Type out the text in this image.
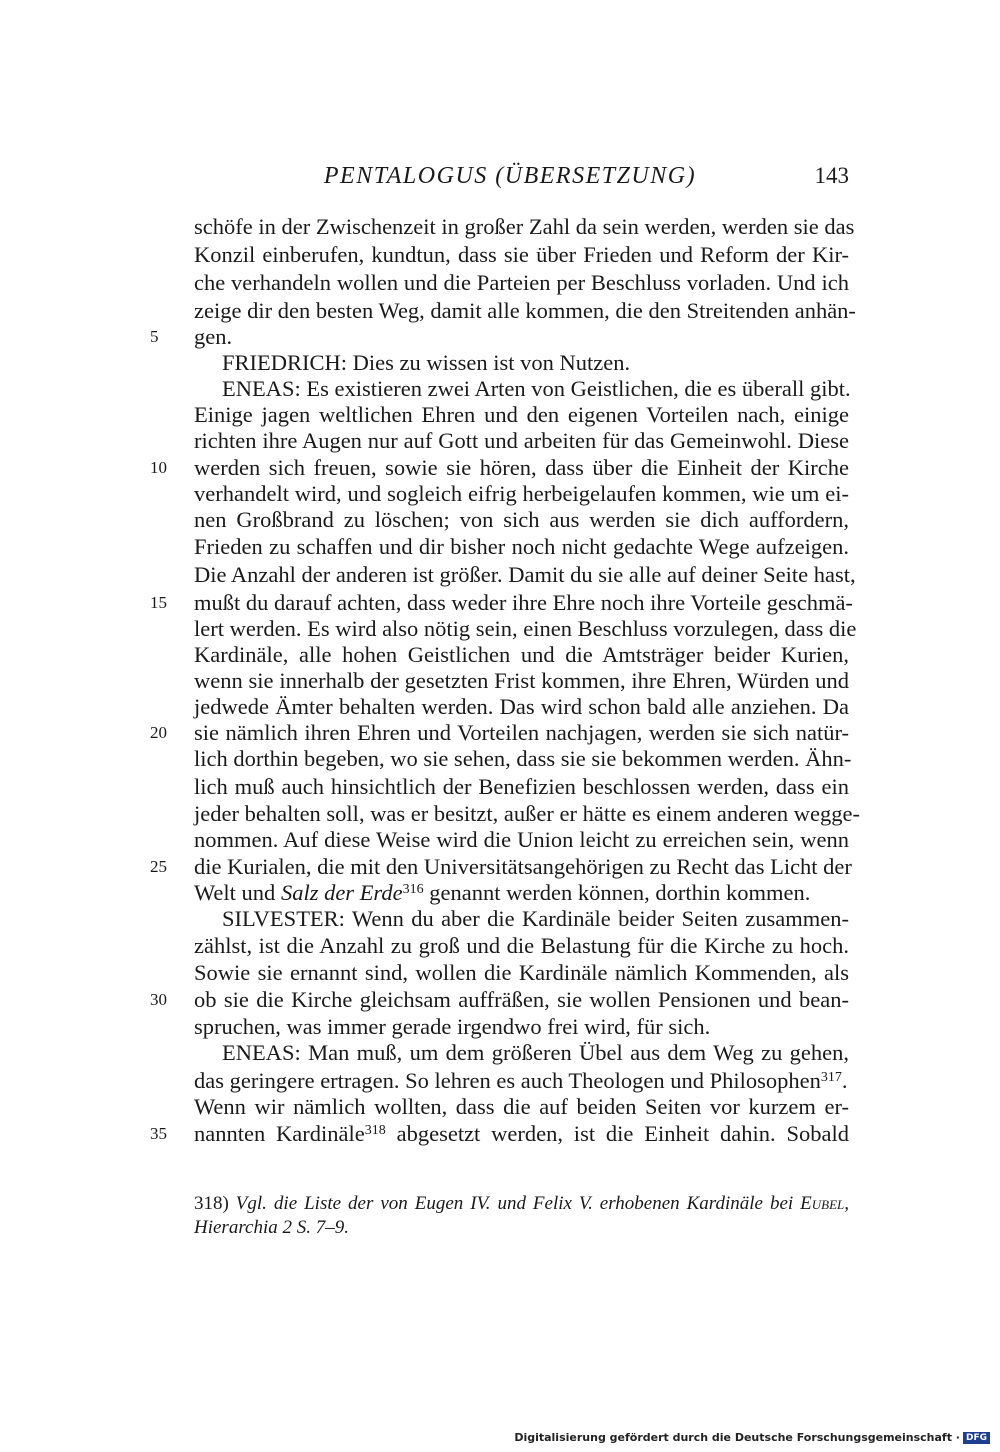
PENTALOGUS (ÜBERSETZUNG)	143
schöfe in der Zwischenzeit in großer Zahl da sein werden, werden sie das
Konzil einberufen, kundtun, dass sie über Frieden und Reform der Kir-
che verhandeln wollen und die Parteien per Beschluss vorladen. Und ich
zeige dir den besten Weg, damit alle kommen, die den Streitenden anhän-
gen.
FRIEDRICH: Dies zu wissen ist von Nutzen.
ENEAS: Es existieren zwei Arten von Geistlichen, die es überall gibt.
Einige jagen weltlichen Ehren und den eigenen Vorteilen nach, einige
richten ihre Augen nur auf Gott und arbeiten für das Gemeinwohl. Diese
werden sich freuen, sowie sie hören, dass über die Einheit der Kirche
verhandelt wird, und sogleich eifrig herbeigelaufen kommen, wie um ei-
nen Großbrand zu löschen; von sich aus werden sie dich auffordern,
Frieden zu schaffen und dir bisher noch nicht gedachte Wege aufzeigen.
Die Anzahl der anderen ist größer. Damit du sie alle auf deiner Seite hast,
mußt du darauf achten, dass weder ihre Ehre noch ihre Vorteile geschmä-
lert werden. Es wird also nötig sein, einen Beschluss vorzulegen, dass die
Kardinäle, alle hohen Geistlichen und die Amtsträger beider Kurien,
wenn sie innerhalb der gesetzten Frist kommen, ihre Ehren, Würden und
jedwede Ämter behalten werden. Das wird schon bald alle anziehen. Da
sie nämlich ihren Ehren und Vorteilen nachjagen, werden sie sich natür-
lich dorthin begeben, wo sie sehen, dass sie sie bekommen werden. Ähn-
lich muß auch hinsichtlich der Benefizien beschlossen werden, dass ein
jeder behalten soll, was er besitzt, außer er hätte es einem anderen wegge-
nommen. Auf diese Weise wird die Union leicht zu erreichen sein, wenn
die Kurialen, die mit den Universitätsangehörigen zu Recht das Licht der
Welt und Salz der Erde$^{316}$ genannt werden können, dorthin kommen.
SILVESTER: Wenn du aber die Kardinäle beider Seiten zusammen-
zählst, ist die Anzahl zu groß und die Belastung für die Kirche zu hoch.
Sowie sie ernannt sind, wollen die Kardinäle nämlich Kommenden, als
ob sie die Kirche gleichsam auffräßen, sie wollen Pensionen und bean-
spruchen, was immer gerade irgendwo frei wird, für sich.
ENEAS: Man muß, um dem größeren Übel aus dem Weg zu gehen,
das geringere ertragen. So lehren es auch Theologen und Philosophen$^{317}$.
Wenn wir nämlich wollten, dass die auf beiden Seiten vor kurzem er-
nannten Kardinäle$^{318}$ abgesetzt werden, ist die Einheit dahin. Sobald
5
10
15
20
25
30
35
318) Vgl. die Liste der von Eugen IV. und Felix V. erhobenen Kardinäle bei Eubel,
Hierarchia 2 S. 7–9.
Digitalisierung gefördert durch die Deutsche Forschungsgemeinschaft · DFG
